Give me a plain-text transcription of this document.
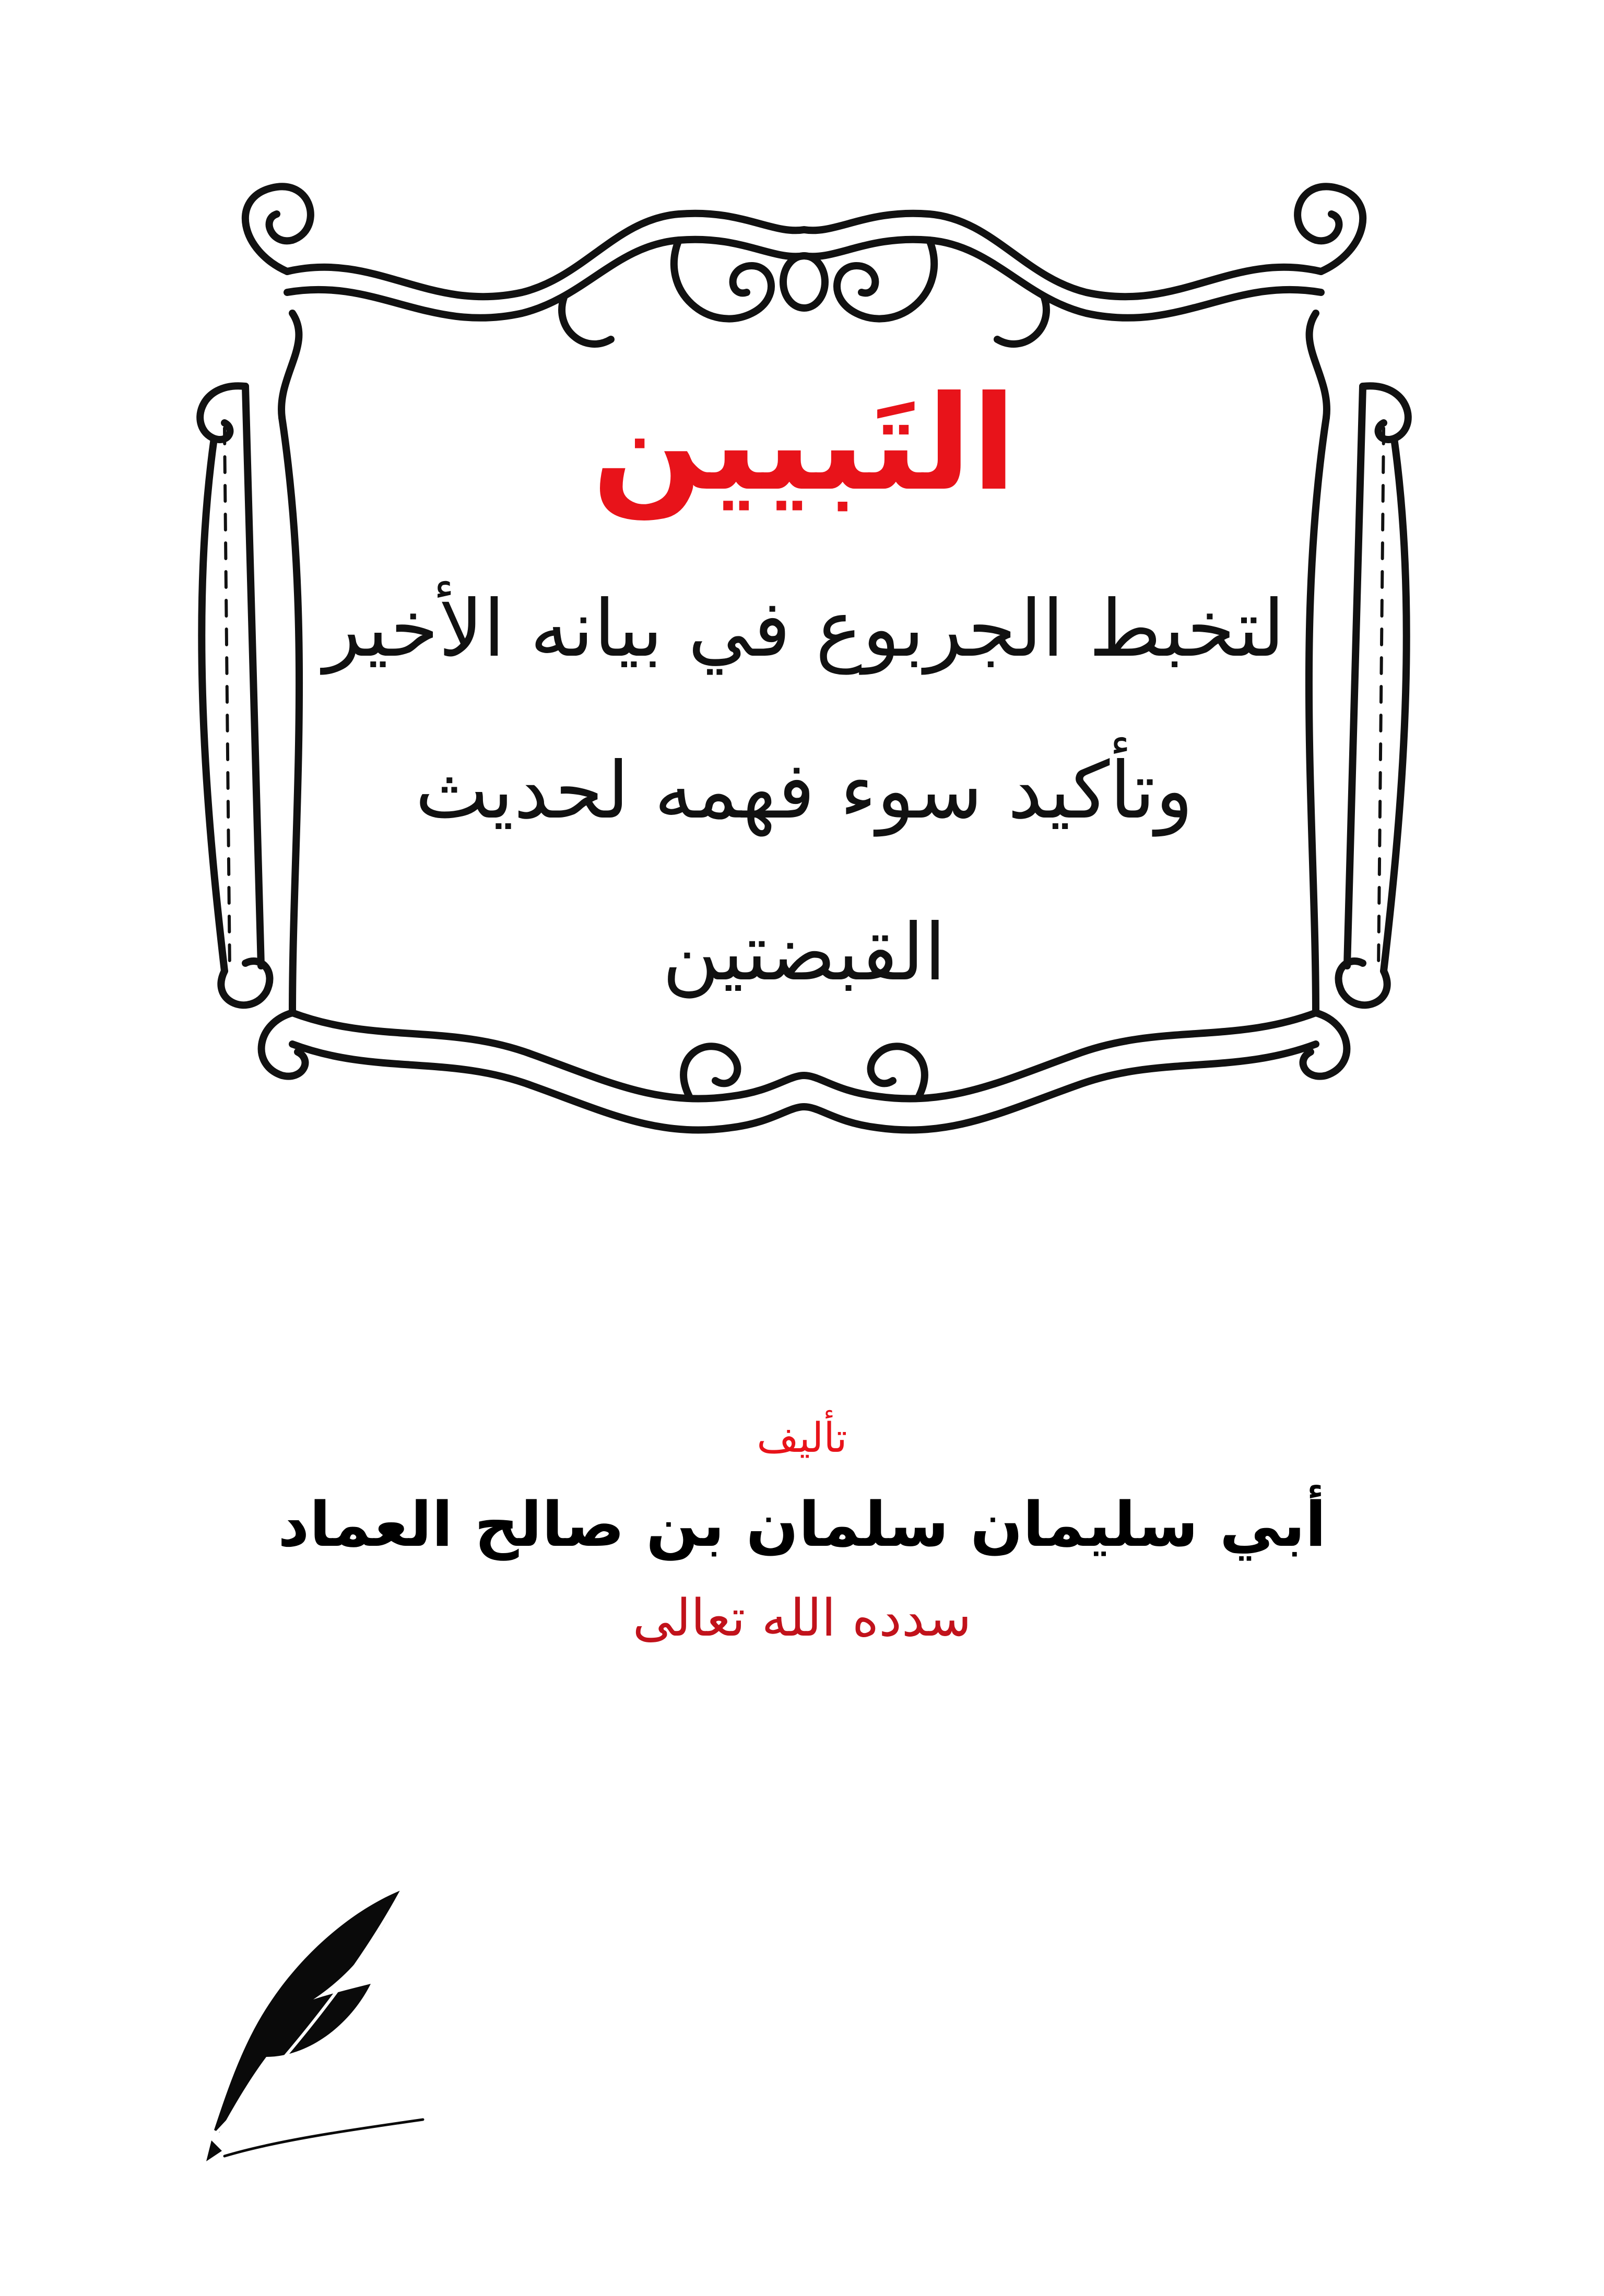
التَبيين

لتخبط الجربوع في بيانه الأخير

وتأكيد سوء فهمه لحديث

القبضتين

تأليف

أبي سليمان سلمان بن صالح العماد

سدده الله تعالى
